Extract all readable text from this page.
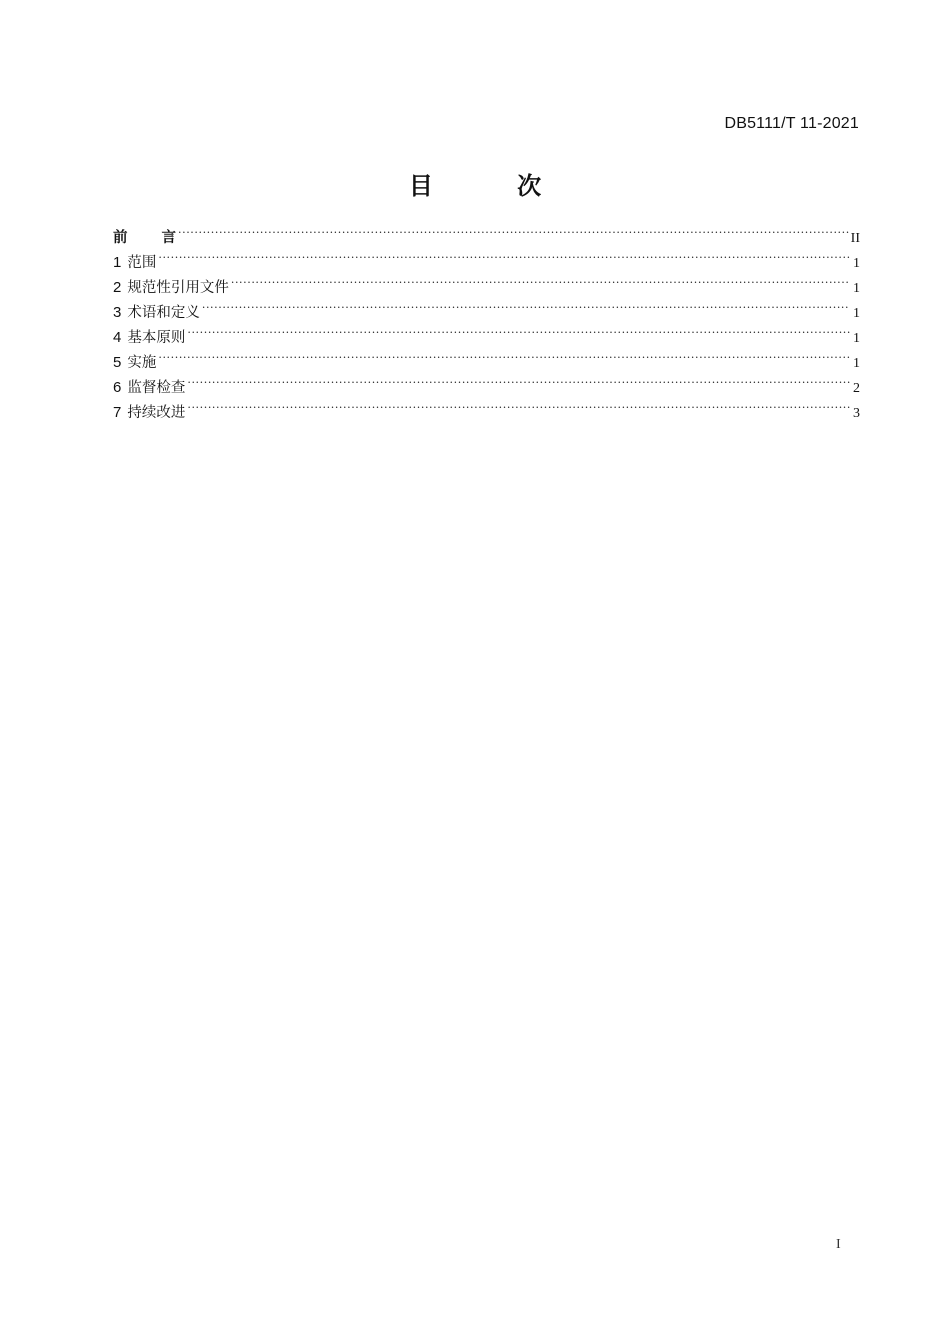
DB5111/T 11-2021
目 次
前 言 .....	II
1 范围 .....	1
2 规范性引用文件 .....	1
3 术语和定义 .....	1
4 基本原则 .....	1
5 实施 .....	1
6 监督检查 .....	2
7 持续改进 .....	3
I
